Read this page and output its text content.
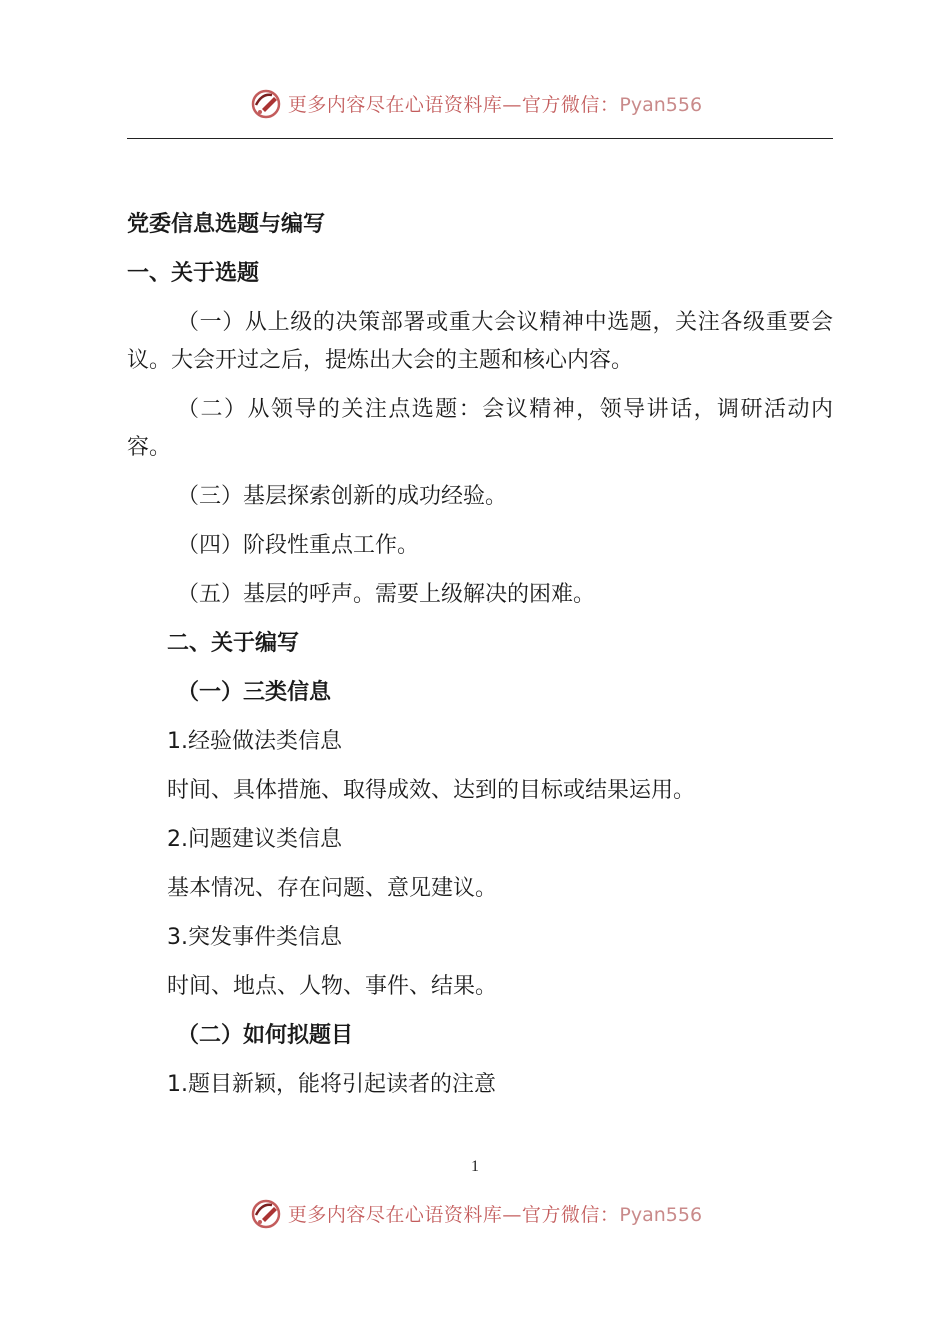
更多内容尽在心语资料库—官方微信：Pyan556
党委信息选题与编写
一、关于选题
（一）从上级的决策部署或重大会议精神中选题，关注各级重要会议。大会开过之后，提炼出大会的主题和核心内容。
（二）从领导的关注点选题：会议精神，领导讲话，调研活动内容。
（三）基层探索创新的成功经验。
（四）阶段性重点工作。
（五）基层的呼声。需要上级解决的困难。
二、关于编写
（一）三类信息
1.经验做法类信息
时间、具体措施、取得成效、达到的目标或结果运用。
2.问题建议类信息
基本情况、存在问题、意见建议。
3.突发事件类信息
时间、地点、人物、事件、结果。
（二）如何拟题目
1.题目新颖，能将引起读者的注意
1
更多内容尽在心语资料库—官方微信：Pyan556
